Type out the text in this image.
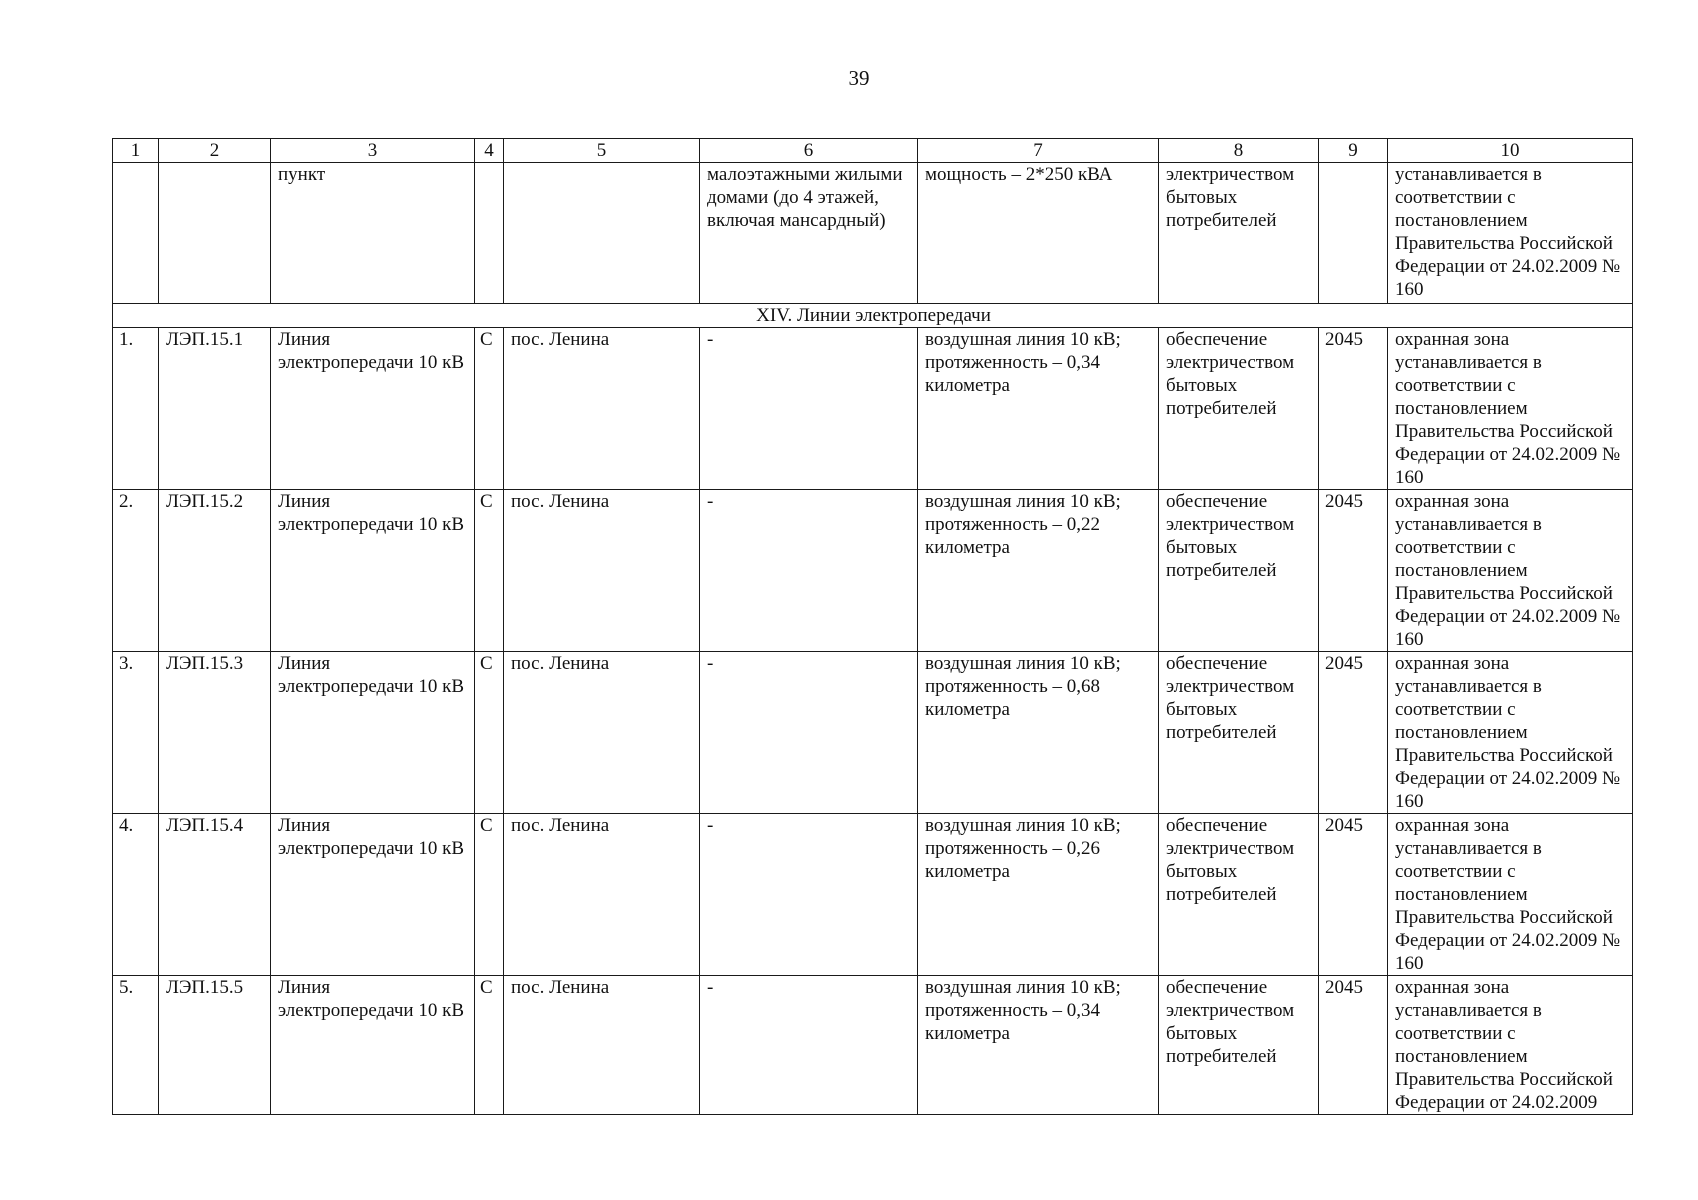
39
1	2	3	4	5	6	7	8	9	10
		пункт			малоэтажными жилыми домами (до 4 этажей, включая мансардный)	мощность – 2*250 кВА	электричеством бытовых потребителей		устанавливается в соответствии с постановлением Правительства Российской Федерации от 24.02.2009 № 160
XIV. Линии электропередачи									
1.	ЛЭП.15.1	Линия электропередачи 10 кВ	С	пос. Ленина	-	воздушная линия 10 кВ; протяженность – 0,34 километра	обеспечение электричеством бытовых потребителей	2045	охранная зона устанавливается в соответствии с постановлением Правительства Российской Федерации от 24.02.2009 № 160
2.	ЛЭП.15.2	Линия электропередачи 10 кВ	С	пос. Ленина	-	воздушная линия 10 кВ; протяженность – 0,22 километра	обеспечение электричеством бытовых потребителей	2045	охранная зона устанавливается в соответствии с постановлением Правительства Российской Федерации от 24.02.2009 № 160
3.	ЛЭП.15.3	Линия электропередачи 10 кВ	С	пос. Ленина	-	воздушная линия 10 кВ; протяженность – 0,68 километра	обеспечение электричеством бытовых потребителей	2045	охранная зона устанавливается в соответствии с постановлением Правительства Российской Федерации от 24.02.2009 № 160
4.	ЛЭП.15.4	Линия электропередачи 10 кВ	С	пос. Ленина	-	воздушная линия 10 кВ; протяженность – 0,26 километра	обеспечение электричеством бытовых потребителей	2045	охранная зона устанавливается в соответствии с постановлением Правительства Российской Федерации от 24.02.2009 № 160
5.	ЛЭП.15.5	Линия электропередачи 10 кВ	С	пос. Ленина	-	воздушная линия 10 кВ; протяженность – 0,34 километра	обеспечение электричеством бытовых потребителей	2045	охранная зона устанавливается в соответствии с постановлением Правительства Российской Федерации от 24.02.2009
